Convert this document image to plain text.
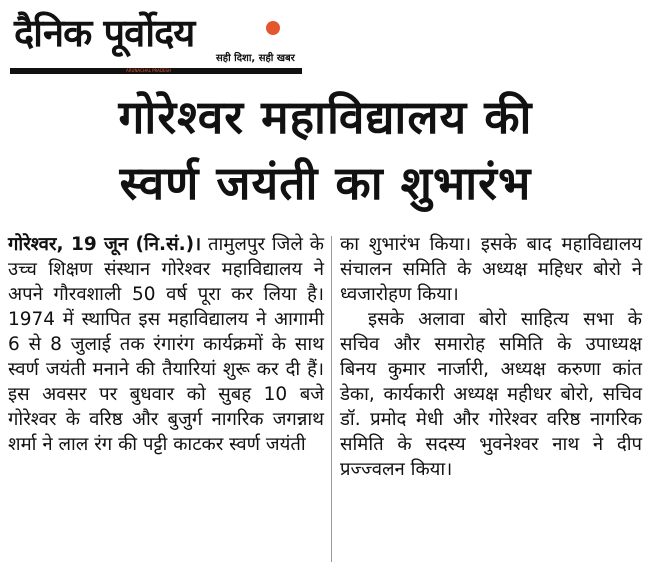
दैनिक पूर्वोदय
सही दिशा, सही खबर
ARUNACHAL PRADESH
गोरेश्वर महाविद्यालय की
स्वर्ण जयंती का शुभारंभ

गोरेश्वर, 19 जून (नि.सं.)। तामुलपुर जिले के उच्च शिक्षण संस्थान गोरेश्वर महाविद्यालय ने अपने गौरवशाली 50 वर्ष पूरा कर लिया है। 1974 में स्थापित इस महाविद्यालय ने आगामी 6 से 8 जुलाई तक रंगारंग कार्यक्रमों के साथ स्वर्ण जयंती मनाने की तैयारियां शुरू कर दी हैं। इस अवसर पर बुधवार को सुबह 10 बजे गोरेश्वर के वरिष्ठ और बुजुर्ग नागरिक जगन्नाथ शर्मा ने लाल रंग की पट्टी काटकर स्वर्ण जयंती

का शुभारंभ किया। इसके बाद महाविद्यालय संचालन समिति के अध्यक्ष महिधर बोरो ने ध्वजारोहण किया।

इसके अलावा बोरो साहित्य सभा के सचिव और समारोह समिति के उपाध्यक्ष बिनय कुमार नार्जारी, अध्यक्ष करुणा कांत डेका, कार्यकारी अध्यक्ष महीधर बोरो, सचिव डॉ. प्रमोद मेधी और गोरेश्वर वरिष्ठ नागरिक समिति के सदस्य भुवनेश्वर नाथ ने दीप प्रज्ज्वलन किया।
